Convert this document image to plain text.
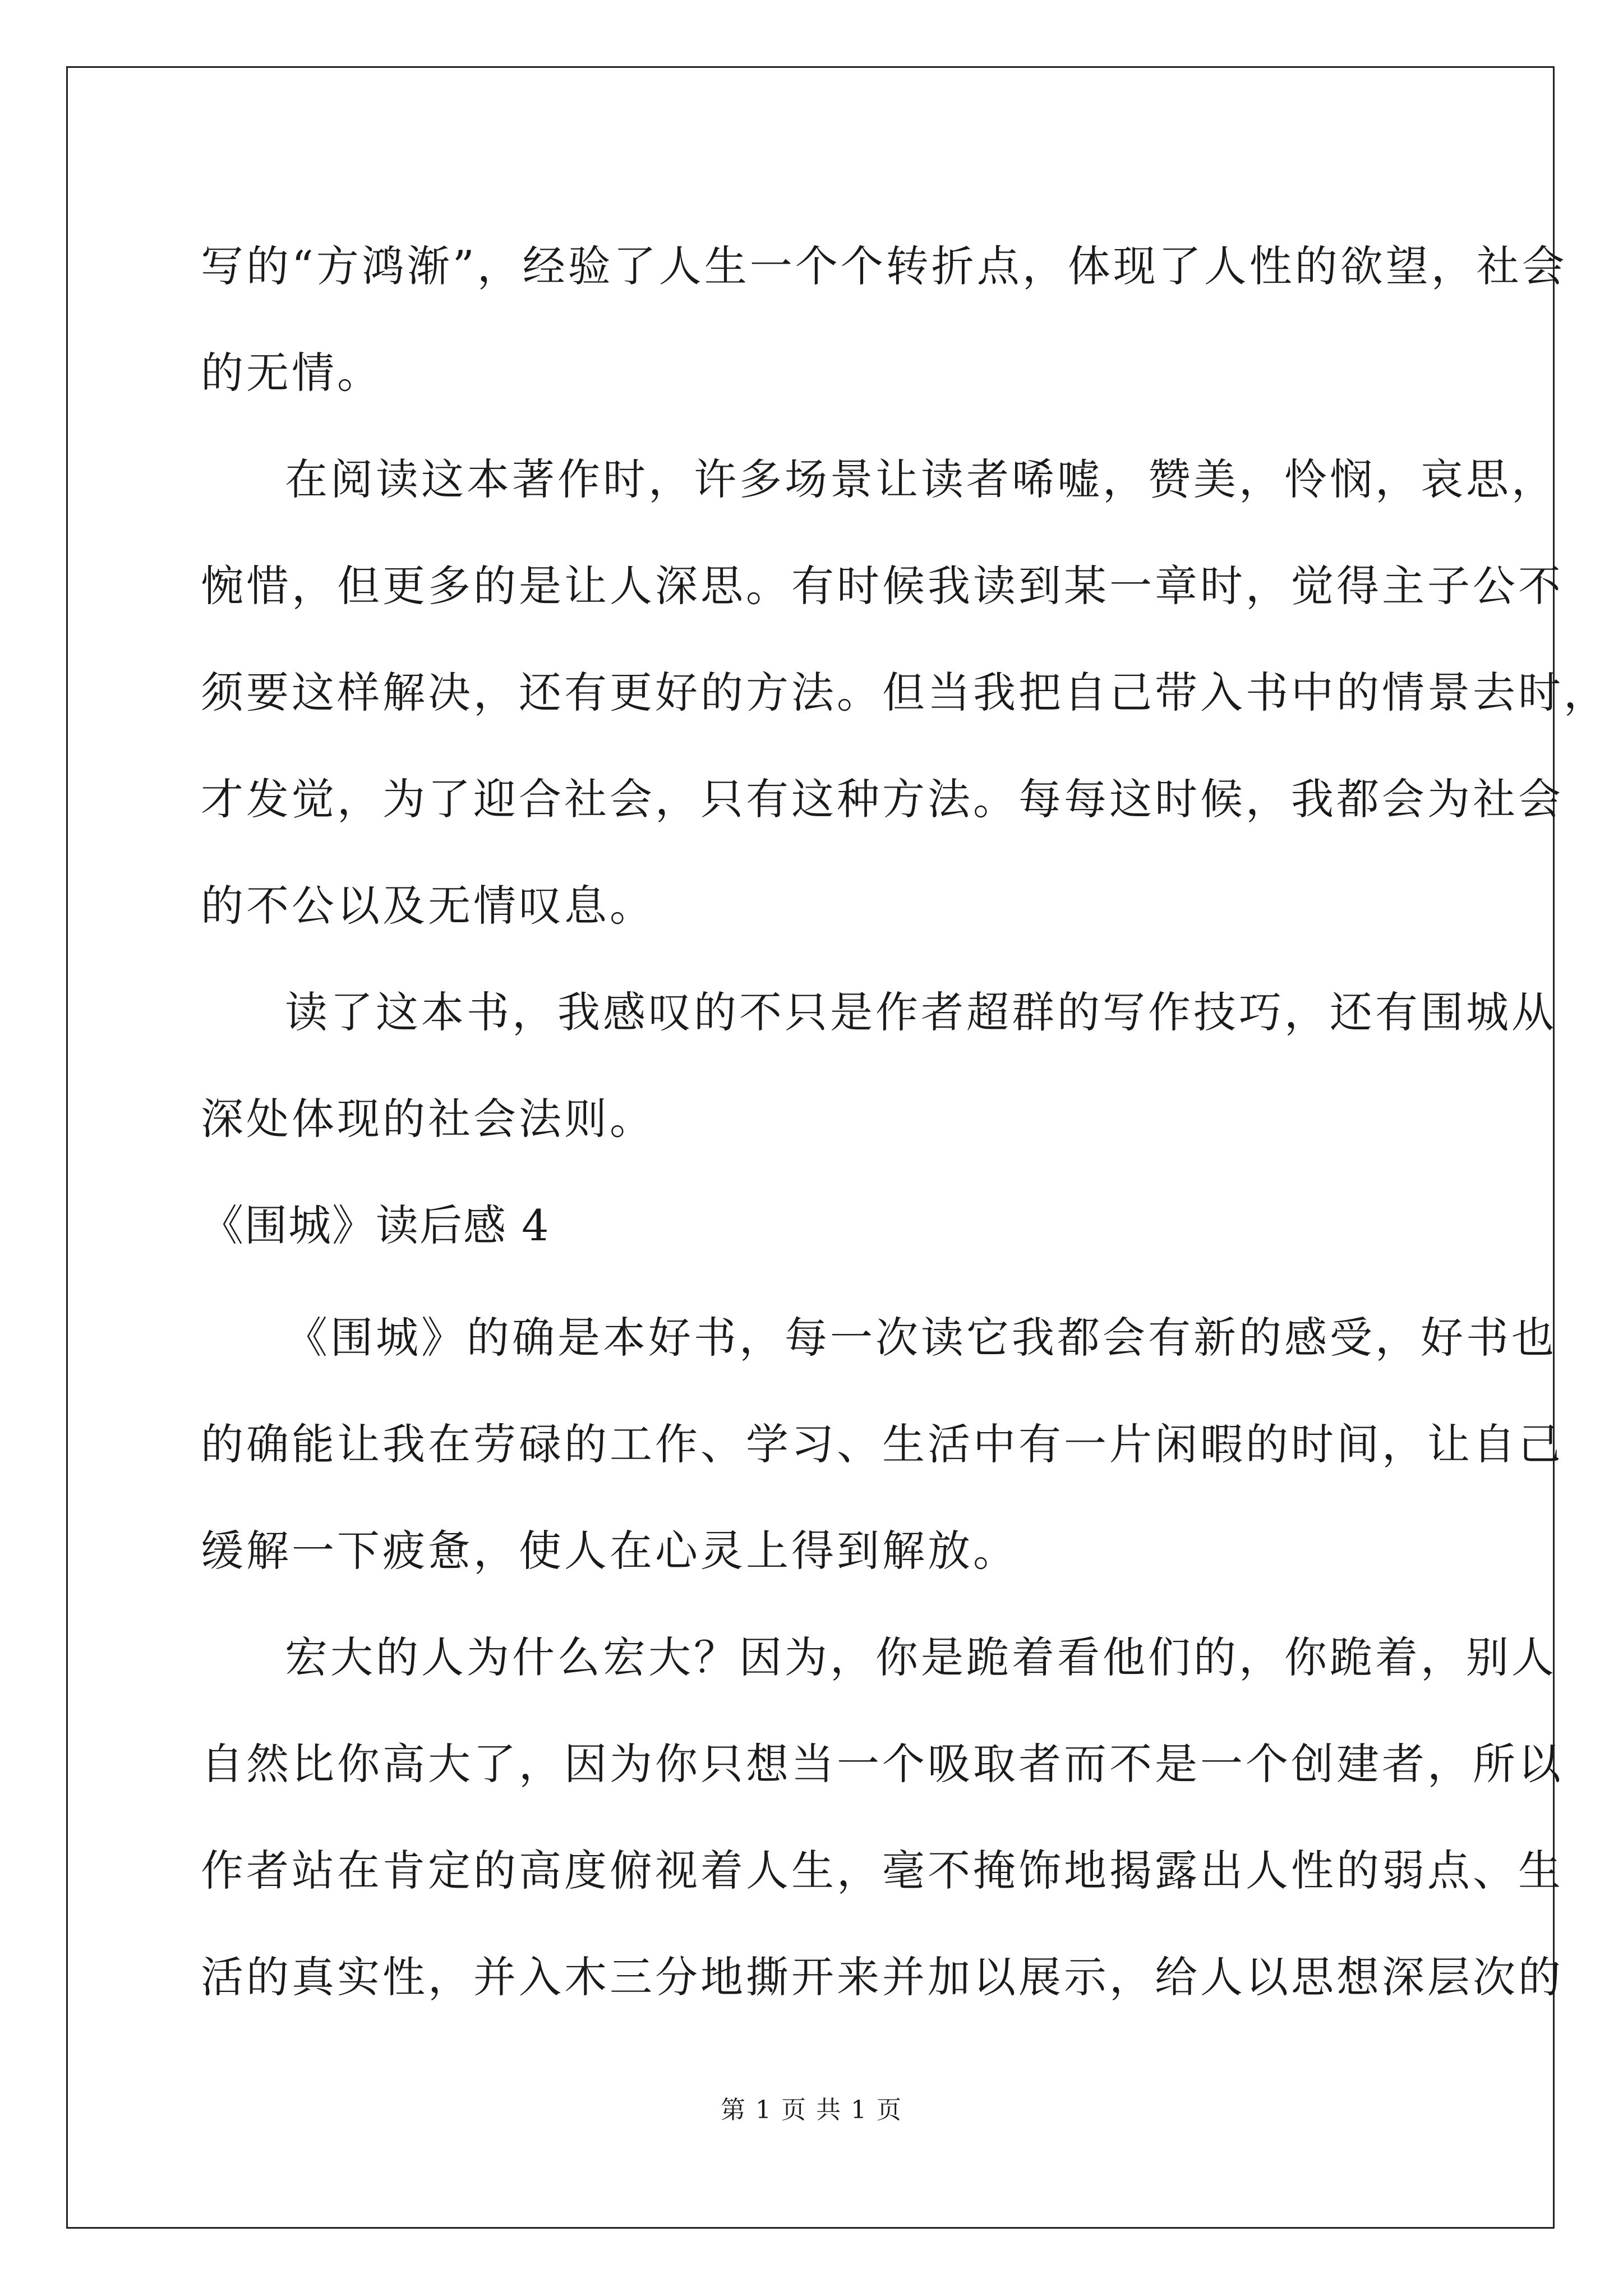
写的“方鸿渐”，经验了人生一个个转折点，体现了人性的欲望，社会
的无情。
在阅读这本著作时，许多场景让读者唏嘘，赞美，怜悯，哀思，
惋惜，但更多的是让人深思。有时候我读到某一章时，觉得主子公不
须要这样解决，还有更好的方法。但当我把自己带入书中的情景去时，
才发觉，为了迎合社会，只有这种方法。每每这时候，我都会为社会
的不公以及无情叹息。
读了这本书，我感叹的不只是作者超群的写作技巧，还有围城从
深处体现的社会法则。
《围城》读后感 4
《围城》的确是本好书，每一次读它我都会有新的感受，好书也
的确能让我在劳碌的工作、学习、生活中有一片闲暇的时间，让自己
缓解一下疲惫，使人在心灵上得到解放。
宏大的人为什么宏大？因为，你是跪着看他们的，你跪着，别人
自然比你高大了，因为你只想当一个吸取者而不是一个创建者，所以
作者站在肯定的高度俯视着人生，毫不掩饰地揭露出人性的弱点、生
活的真实性，并入木三分地撕开来并加以展示，给人以思想深层次的
第 1 页 共 1 页
